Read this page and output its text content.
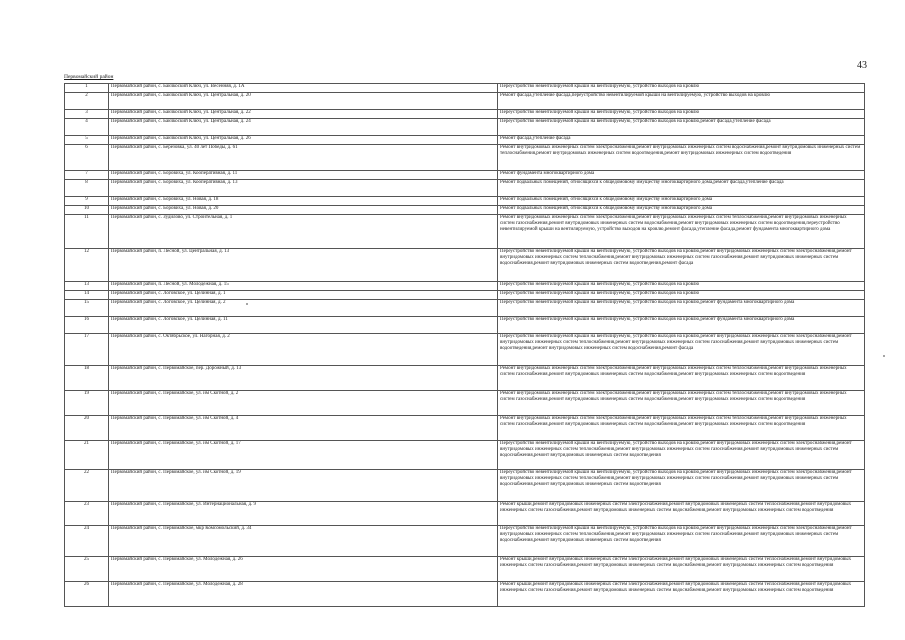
43
Первомайский район
1	Первомайский район, с. Бакчкоский Ключ, ул. Весенняя, д. 1А	Переустройство невентилируемой крыши на вентилируемую, устройство выходов на кровлю
2	Первомайский район, с. Бакчкоский Ключ, ул. Центральная, д. 20	Ремонт фасада,утепление фасада,переустройство невентилируемой крыши на вентилируемую, устройство выходов на кровлю
3	Первомайский район, с. Бакчкоский Ключ, ул. Центральная, д. 22	Переустройство невентилируемой крыши на вентилируемую, устройство выходов на кровлю
4	Первомайский район, с. Бакчкоский Ключ, ул. Центральная, д. 24	Переустройство невентилируемой крыши на вентилируемую, устройство выходов на кровлю,ремонт фасада,утепление фасада
5	Первомайский район, с. Бакчкоский Ключ, ул. Центральная, д. 26	Ремонт фасада,утепление фасада
6	Первомайский район, с. Берёзовка, ул. 40 лет Победы, д. 61	Ремонт внутридомовых инженерных систем электроснабжения,ремонт внутридомовых инженерных систем водоснабжения,ремонт внутридомовых инженерных систем теплоснабжения,ремонт внутридомовых инженерных систем водоотведения,ремонт внутридомовых инженерных систем водоотведения
7	Первомайский район, с. Боровиха, ул. Кооперативная, д. 11	Ремонт фундамента многоквартирного дома
8	Первомайский район, с. Боровиха, ул. Кооперативная, д. 13	Ремонт подвальных помещений, относящихся к общедомовому имуществу многоквартирного дома,ремонт фасада,утепление фасада
9	Первомайский район, с. Боровиха, ул. Новая, д. 18	Ремонт подвальных помещений, относящихся к общедомовому имуществу многоквартирного дома
10	Первомайский район, с. Боровиха, ул. Новая, д. 20	Ремонт подвальных помещений, относящихся к общедомовому имуществу многоквартирного дома
11	Первомайский район, с. Зудилово, ул. Строительная, д. 1	Ремонт внутридомовых инженерных систем электроснабжения,ремонт внутридомовых инженерных систем теплоснабжения,ремонт внутридомовых инженерных систем газоснабжения,ремонт внутридомовых инженерных систем водоснабжения,ремонт внутридомовых инженерных систем водоотведения,переустройство невентилируемой крыши на вентилируемую, устройство выходов на кровлю,ремонт фасада,утепление фасада,ремонт фундамента многоквартирного дома
12	Первомайский район, п. Лесной, ул. Центральная, д. 13	Переустройство невентилируемой крыши на вентилируемую, устройство выходов на кровлю,ремонт внутридомовых инженерных систем электроснабжения,ремонт внутридомовых инженерных систем теплоснабжения,ремонт внутридомовых инженерных систем газоснабжения,ремонт внутридомовых инженерных систем водоснабжения,ремонт внутридомовых инженерных систем водоотведения,ремонт фасада
13	Первомайский район, п. Лесной, ул. Молодежная, д. 15	Переустройство невентилируемой крыши на вентилируемую, устройство выходов на кровлю
14	Первомайский район, с. Логовское, ул. Целинная, д. 1	Переустройство невентилируемой крыши на вентилируемую, устройство выходов на кровлю
15	Первомайский район, с. Логовское, ул. Целинная, д. 2	Переустройство невентилируемой крыши на вентилируемую, устройство выходов на кровлю,ремонт фундамента многоквартирного дома
16	Первомайский район, с. Логовское, ул. Целинная, д. 11	Переустройство невентилируемой крыши на вентилируемую, устройство выходов на кровлю,ремонт фундамента многоквартирного дома
17	Первомайский район, с. Октябрьское, ул. Нагорная, д. 2	Переустройство невентилируемой крыши на вентилируемую, устройство выходов на кровлю,ремонт внутридомовых инженерных систем электроснабжения,ремонт внутридомовых инженерных систем теплоснабжения,ремонт внутридомовых инженерных систем газоснабжения,ремонт внутридомовых инженерных систем водоотведения,ремонт внутридомовых инженерных систем водоснабжения,ремонт фасада
18	Первомайский район, с. Первомайское, пер. Дорожный, д. 13	Ремонт внутридомовых инженерных систем электроснабжения,ремонт внутридомовых инженерных систем теплоснабжения,ремонт внутридомовых инженерных систем газоснабжения,ремонт внутридомовых инженерных систем водоснабжения,ремонт внутридомовых инженерных систем водоотведения
19	Первомайский район, с. Первомайское, ул. им Скотной, д. 2	Ремонт внутридомовых инженерных систем электроснабжения,ремонт внутридомовых инженерных систем теплоснабжения,ремонт внутридомовых инженерных систем газоснабжения,ремонт внутридомовых инженерных систем водоснабжения,ремонт внутридомовых инженерных систем водоотведения
20	Первомайский район, с. Первомайское, ул. им Скотной, д. 4	Ремонт внутридомовых инженерных систем электроснабжения,ремонт внутридомовых инженерных систем теплоснабжения,ремонт внутридомовых инженерных систем газоснабжения,ремонт внутридомовых инженерных систем водоснабжения,ремонт внутридомовых инженерных систем водоотведения
21	Первомайский район, с. Первомайское, ул. им Скотной, д. 17	Переустройство невентилируемой крыши на вентилируемую, устройство выходов на кровлю,ремонт внутридомовых инженерных систем электроснабжения,ремонт внутридомовых инженерных систем теплоснабжения,ремонт внутридомовых инженерных систем газоснабжения,ремонт внутридомовых инженерных систем водоснабжения,ремонт внутридомовых инженерных систем водоотведения
22	Первомайский район, с. Первомайское, ул. им Скотной, д. 19	Переустройство невентилируемой крыши на вентилируемую, устройство выходов на кровлю,ремонт внутридомовых инженерных систем электроснабжения,ремонт внутридомовых инженерных систем теплоснабжения,ремонт внутридомовых инженерных систем газоснабжения,ремонт внутридомовых инженерных систем водоснабжения,ремонт внутридомовых инженерных систем водоотведения
23	Первомайский район, с. Первомайское, ул. Интернациональная, д. 9	Ремонт крыши,ремонт внутридомовых инженерных систем электроснабжения,ремонт внутридомовых инженерных систем теплоснабжения,ремонт внутридомовых инженерных систем газоснабжения,ремонт внутридомовых инженерных систем водоснабжения,ремонт внутридомовых инженерных систем водоотведения
24	Первомайский район, с. Первомайское, мкр Комсомольский, д. 34	Переустройство невентилируемой крыши на вентилируемую, устройство выходов на кровлю,ремонт внутридомовых инженерных систем электроснабжения,ремонт внутридомовых инженерных систем теплоснабжения,ремонт внутридомовых инженерных систем газоснабжения,ремонт внутридомовых инженерных систем водоснабжения,ремонт внутридомовых инженерных систем водоотведения
25	Первомайский район, с. Первомайское, ул. Молодежная, д. 26	Ремонт крыши,ремонт внутридомовых инженерных систем электроснабжения,ремонт внутридомовых инженерных систем теплоснабжения,ремонт внутридомовых инженерных систем газоснабжения,ремонт внутридомовых инженерных систем водоснабжения,ремонт внутридомовых инженерных систем водоотведения
26	Первомайский район, с. Первомайское, ул. Молодежная, д. 28	Ремонт крыши,ремонт внутридомовых инженерных систем электроснабжения,ремонт внутридомовых инженерных систем теплоснабжения,ремонт внутридомовых инженерных систем газоснабжения,ремонт внутридомовых инженерных систем водоснабжения,ремонт внутридомовых инженерных систем водоотведения
